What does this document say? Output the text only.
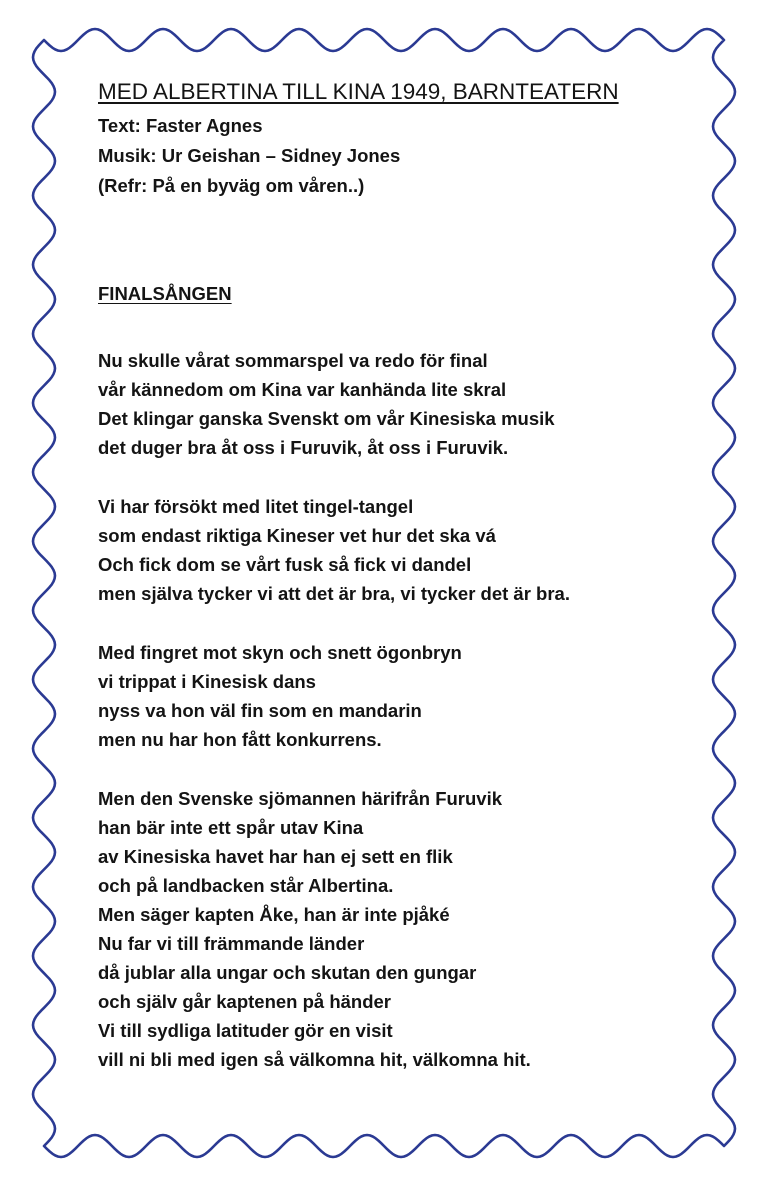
MED ALBERTINA TILL KINA 1949, BARNTEATERN
Text: Faster Agnes
Musik: Ur Geishan – Sidney Jones
(Refr: På en byväg om våren..)
FINALSÅNGEN
Nu skulle vårat sommarspel va redo för final
vår kännedom om Kina var kanhända lite skral
Det klingar ganska Svenskt om vår Kinesiska musik
det duger bra åt oss i Furuvik, åt oss i Furuvik.
Vi har försökt med litet tingel-tangel
som endast riktiga Kineser vet hur det ska vá
Och fick dom se vårt fusk så fick vi dandel
men själva tycker vi att det är bra, vi tycker det är bra.
Med fingret mot skyn och snett ögonbryn
vi trippat i Kinesisk dans
nyss va hon väl fin som en mandarin
men nu har hon fått konkurrens.
Men den Svenske sjömannen härifrån Furuvik
han bär inte ett spår utav Kina
av Kinesiska havet har han ej sett en flik
och på landbacken står Albertina.
Men säger kapten Åke, han är inte pjåké
Nu far vi till främmande länder
då jublar alla ungar och skutan den gungar
och själv går kaptenen på händer
Vi till sydliga latituder gör en visit
vill ni bli med igen så välkomna hit, välkomna hit.
